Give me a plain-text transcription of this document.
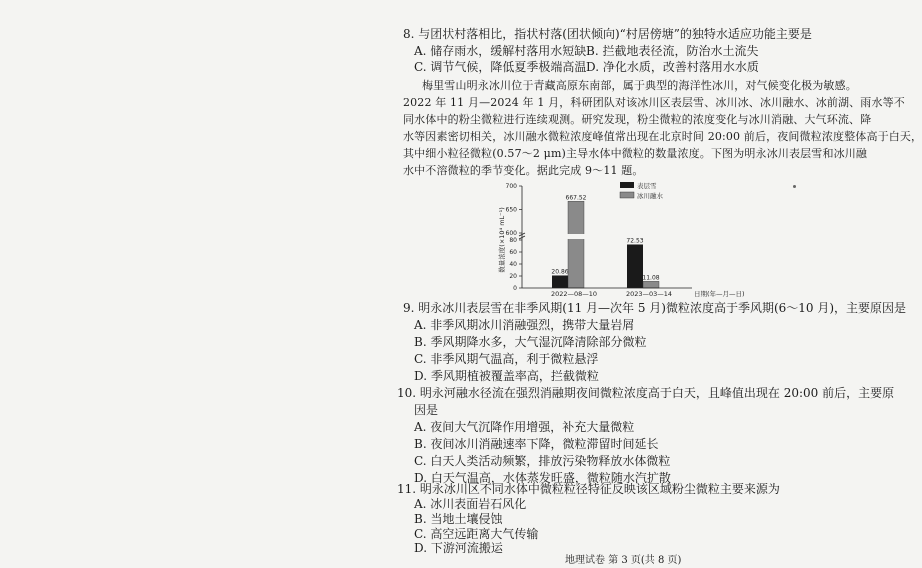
8. 与团状村落相比，指状村落(团状倾向)“村居傍塘”的独特水适应功能主要是
A. 储存雨水，缓解村落用水短缺 B. 拦截地表径流，防治水土流失
C. 调节气候，降低夏季极端高温 D. 净化水质，改善村落用水水质
梅里雪山明永冰川位于青藏高原东南部，属于典型的海洋性冰川，对气候变化极为敏感。
2022 年 11 月—2024 年 1 月，科研团队对该冰川区表层雪、冰川冰、冰川融水、冰前湖、雨水等不
同水体中的粉尘微粒进行连续观测。研究发现，粉尘微粒的浓度变化与冰川消融、大气环流、降
水等因素密切相关，冰川融水微粒浓度峰值常出现在北京时间 20:00 前后，夜间微粒浓度整体高于白天，
其中细小粒径微粒(0.57～2 μm)主导水体中微粒的数量浓度。下图为明永冰川表层雪和冰川融
水中不溶微粒的季节变化。据此完成 9～11 题。
数量浓度(×10⁴ mL⁻¹)
0
20
40
60
80
600
650
700
20.86
667.52
72.53
11.08
2022—08—10	2023—03—14	日期(年—月—日)
表层雪
冰川融水
9. 明永冰川表层雪在非季风期(11 月—次年 5 月)微粒浓度高于季风期(6～10 月)，主要原因是
A. 非季风期冰川消融强烈，携带大量岩屑
B. 季风期降水多，大气湿沉降清除部分微粒
C. 非季风期气温高，利于微粒悬浮
D. 季风期植被覆盖率高，拦截微粒
10. 明永河融水径流在强烈消融期夜间微粒浓度高于白天，且峰值出现在 20:00 前后，主要原
因是
A. 夜间大气沉降作用增强，补充大量微粒
B. 夜间冰川消融速率下降，微粒滞留时间延长
C. 白天人类活动频繁，排放污染物释放水体微粒
D. 白天气温高，水体蒸发旺盛，微粒随水汽扩散
11. 明永冰川区不同水体中微粒粒径特征反映该区域粉尘微粒主要来源为
A. 冰川表面岩石风化
B. 当地土壤侵蚀
C. 高空远距离大气传输
地理试卷 第 3 页(共 8 页)
D. 下游河流搬运
